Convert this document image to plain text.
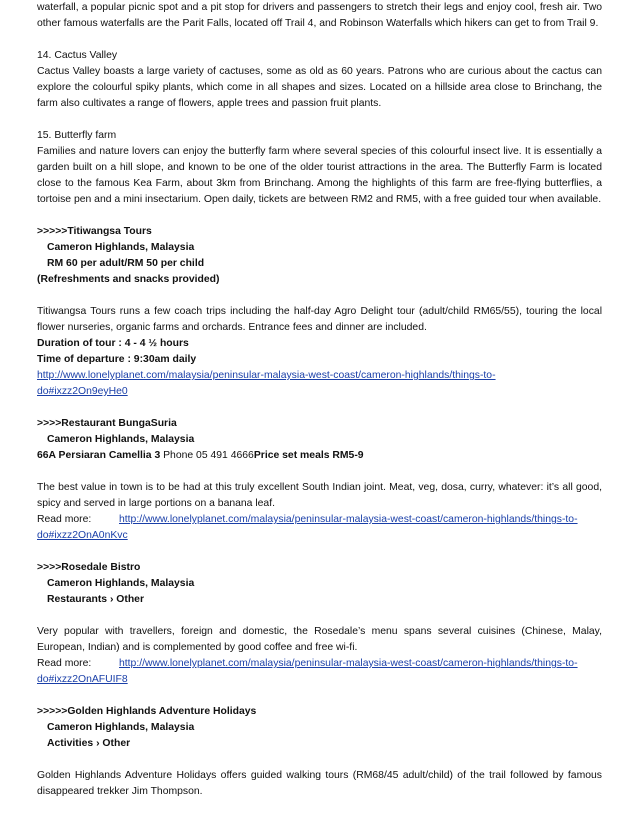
waterfall, a popular picnic spot and a pit stop for drivers and passengers to stretch their legs and enjoy cool, fresh air. Two other famous waterfalls are the Parit Falls, located off Trail 4, and Robinson Waterfalls which hikers can get to from Trail 9.

14. Cactus Valley

Cactus Valley boasts a large variety of cactuses, some as old as 60 years. Patrons who are curious about the cactus can explore the colourful spiky plants, which come in all shapes and sizes. Located on a hillside area close to Brinchang, the farm also cultivates a range of flowers, apple trees and passion fruit plants.

15. Butterfly farm

Families and nature lovers can enjoy the butterfly farm where several species of this colourful insect live. It is essentially a garden built on a hill slope, and known to be one of the older tourist attractions in the area. The Butterfly Farm is located close to the famous Kea Farm, about 3km from Brinchang. Among the highlights of this farm are free-flying butterflies, a tortoise pen and a mini insectarium. Open daily, tickets are between RM2 and RM5, with a free guided tour when available.

>>>>>Titiwangsa Tours

Cameron Highlands, Malaysia

RM 60 per adult/RM 50 per child

(Refreshments and snacks provided)

Titiwangsa Tours runs a few coach trips including the half-day Agro Delight tour (adult/child RM65/55), touring the local flower nurseries, organic farms and orchards. Entrance fees and dinner are included.

Duration of tour : 4 - 4 ½ hours

Time of departure : 9:30am daily

http://www.lonelyplanet.com/malaysia/peninsular-malaysia-west-coast/cameron-highlands/things-to-

do#ixzz2On9eyHe0

>>>>Restaurant BungaSuria

Cameron Highlands, Malaysia

66A Persiaran Camellia 3 Phone 05 491 4666Price set meals RM5-9

The best value in town is to be had at this truly excellent South Indian joint. Meat, veg, dosa, curry, whatever: it’s all good, spicy and served in large portions on a banana leaf.

Read more:	http://www.lonelyplanet.com/malaysia/peninsular-malaysia-west-coast/cameron-highlands/things-to-

do#ixzz2OnA0nKvc

>>>>Rosedale Bistro

Cameron Highlands, Malaysia

Restaurants › Other

Very popular with travellers, foreign and domestic, the Rosedale’s menu spans several cuisines (Chinese, Malay, European, Indian) and is complemented by good coffee and free wi-fi.

Read more:	http://www.lonelyplanet.com/malaysia/peninsular-malaysia-west-coast/cameron-highlands/things-to-

do#ixzz2OnAFUIF8

>>>>>Golden Highlands Adventure Holidays

Cameron Highlands, Malaysia

Activities › Other

Golden Highlands Adventure Holidays offers guided walking tours (RM68/45 adult/child) of the trail followed by famous disappeared trekker Jim Thompson.
